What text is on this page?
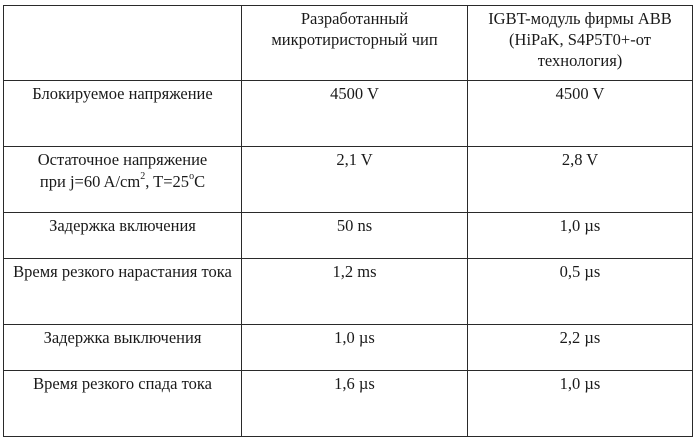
	Разработанный микротиристорный чип	IGBT-модуль фирмы ABB (HiPaK, S4P5T0+-от технология)
Блокируемое напряжение	4500 V	4500 V
Остаточное напряжение
при j=60 $A/cm^2$, $T=25^oC$	2,1 V	2,8 V
Задержка включения	50 ns	1,0 µs
Время резкого нарастания тока	1,2 ms	0,5 µs
Задержка выключения	1,0 µs	2,2 µs
Время резкого спада тока	1,6 µs	1,0 µs
